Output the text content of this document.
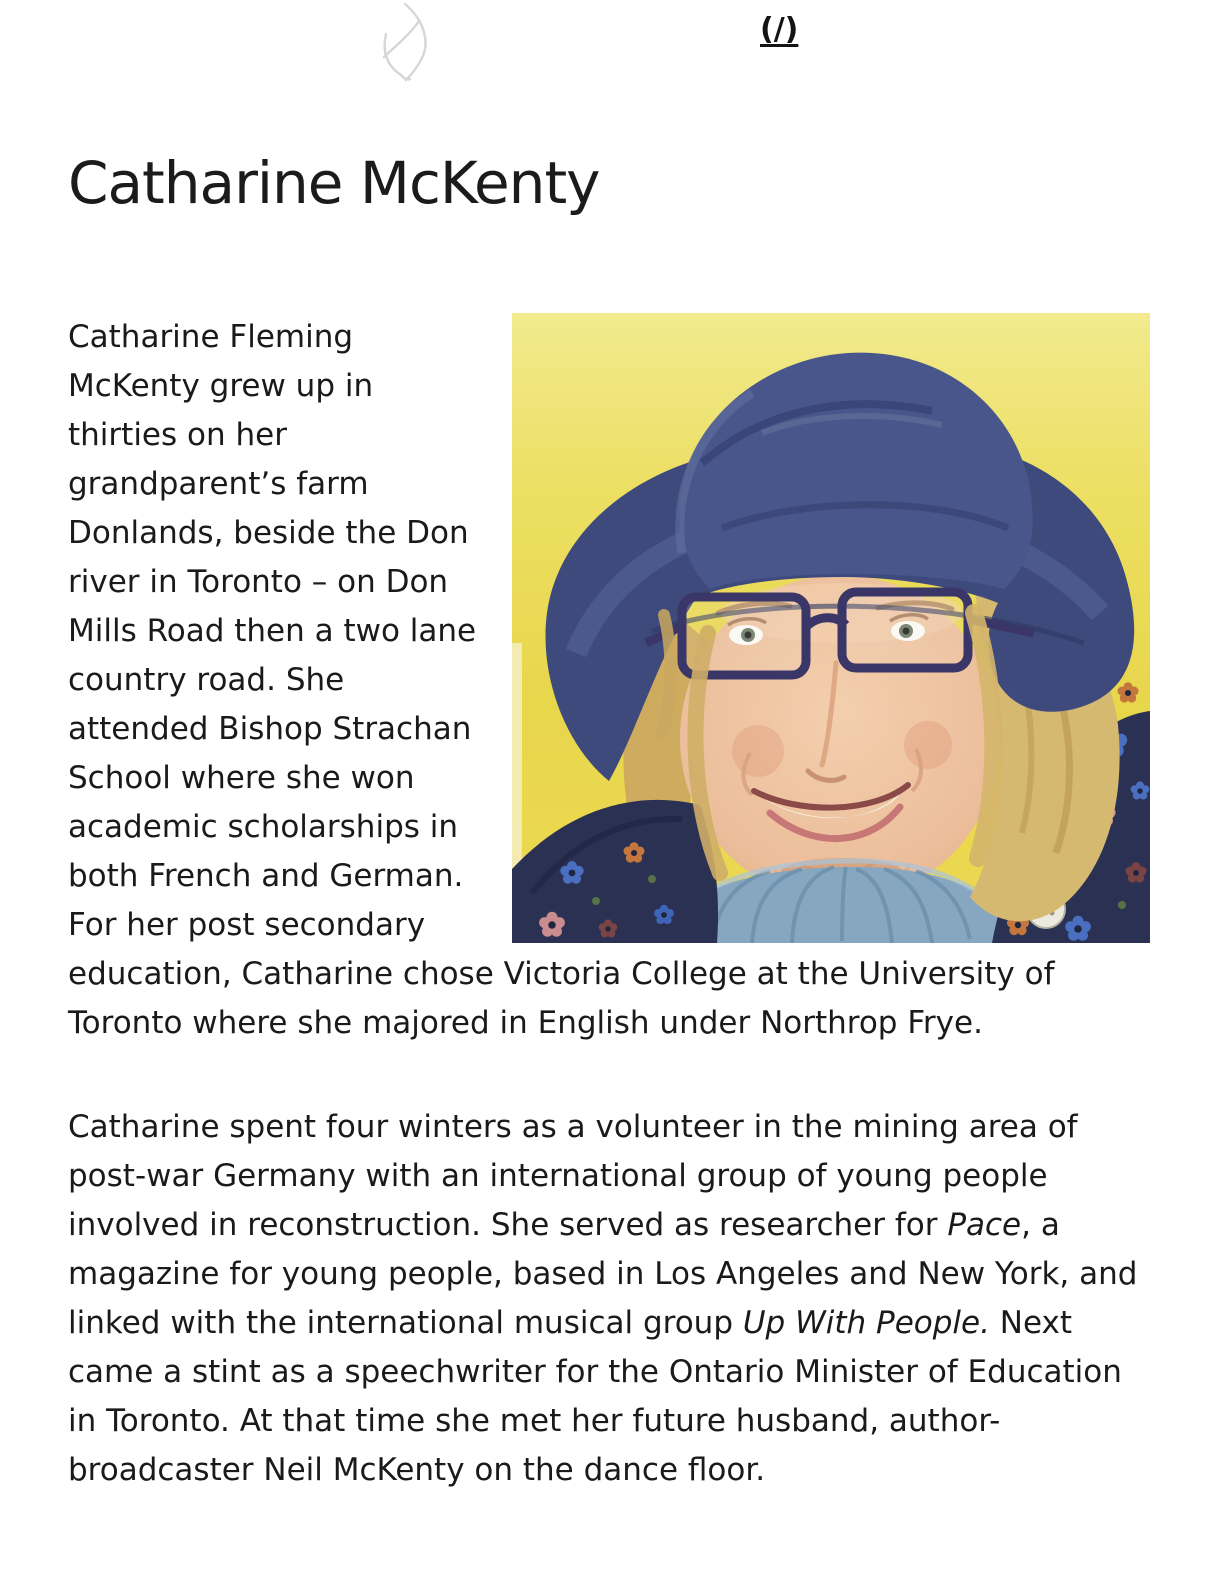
(/)
Catharine McKenty

Catharine Fleming McKenty grew up in thirties on her grandparent’s farm Donlands, beside the Don river in Toronto – on Don Mills Road then a two lane country road. She attended Bishop Strachan School where she won academic scholarships in both French and German. For her post secondary education, Catharine chose Victoria College at the University of Toronto where she majored in English under Northrop Frye.

Catharine spent four winters as a volunteer in the mining area of post-war Germany with an international group of young people involved in reconstruction. She served as researcher for Pace, a magazine for young people, based in Los Angeles and New York, and linked with the international musical group Up With People. Next came a stint as a speechwriter for the Ontario Minister of Education in Toronto. At that time she met her future husband, author-broadcaster Neil McKenty on the dance floor.
